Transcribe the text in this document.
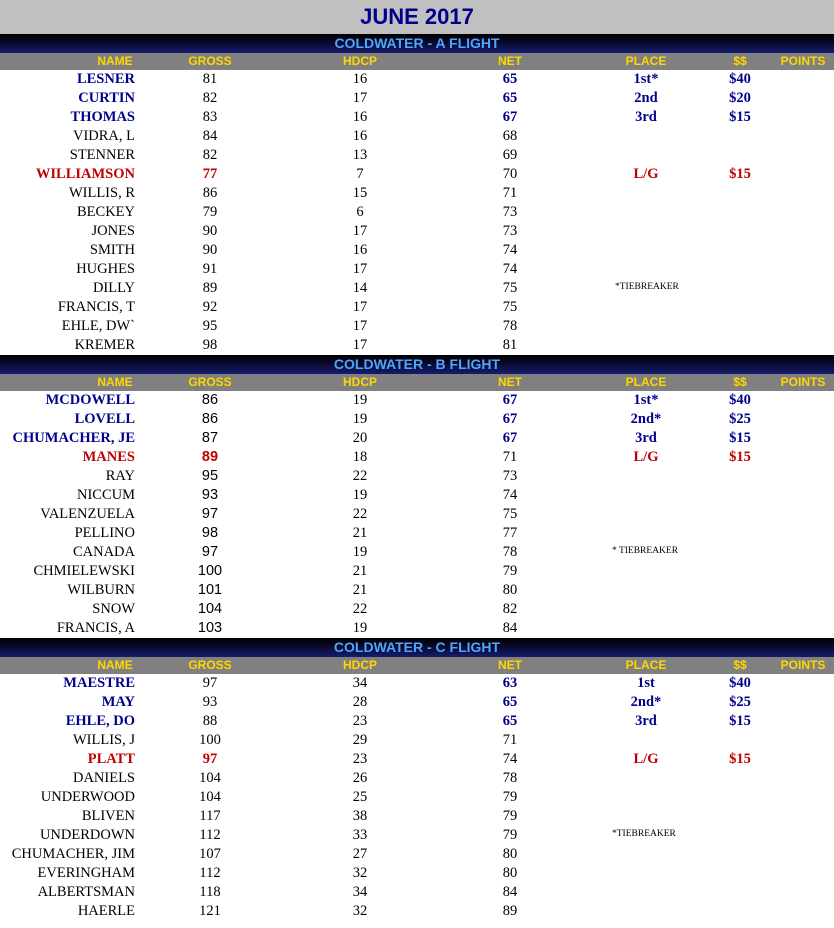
JUNE 2017
COLDWATER - A FLIGHT
NAME	GROSS	HDCP	NET	PLACE	$$	POINTS
LESNER	81	16	65	1st*	$40
CURTIN	82	17	65	2nd	$20
THOMAS	83	16	67	3rd	$15
VIDRA, L	84	16	68
STENNER	82	13	69
WILLIAMSON	77	7	70	L/G	$15
WILLIS, R	86	15	71
BECKEY	79	6	73
JONES	90	17	73
SMITH	90	16	74
HUGHES	91	17	74
DILLY	89	14	75
FRANCIS, T	92	17	75
EHLE, DW`	95	17	78
KREMER	98	17	81
*TIEBREAKER
COLDWATER - B FLIGHT
NAME	GROSS	HDCP	NET	PLACE	$$	POINTS
MCDOWELL	86	19	67	1st*	$40
LOVELL	86	19	67	2nd*	$25
CHUMACHER, JE	87	20	67	3rd	$15
MANES	89	18	71	L/G	$15
RAY	95	22	73
NICCUM	93	19	74
VALENZUELA	97	22	75
PELLINO	98	21	77
CANADA	97	19	78
CHMIELEWSKI	100	21	79
WILBURN	101	21	80
SNOW	104	22	82
FRANCIS, A	103	19	84
* TIEBREAKER
COLDWATER - C FLIGHT
NAME	GROSS	HDCP	NET	PLACE	$$	POINTS
MAESTRE	97	34	63	1st	$40
MAY	93	28	65	2nd*	$25
EHLE, DO	88	23	65	3rd	$15
WILLIS, J	100	29	71
PLATT	97	23	74	L/G	$15
DANIELS	104	26	78
UNDERWOOD	104	25	79
BLIVEN	117	38	79
UNDERDOWN	112	33	79
CHUMACHER, JIM	107	27	80
EVERINGHAM	112	32	80
ALBERTSMAN	118	34	84
HAERLE	121	32	89
*TIEBREAKER
